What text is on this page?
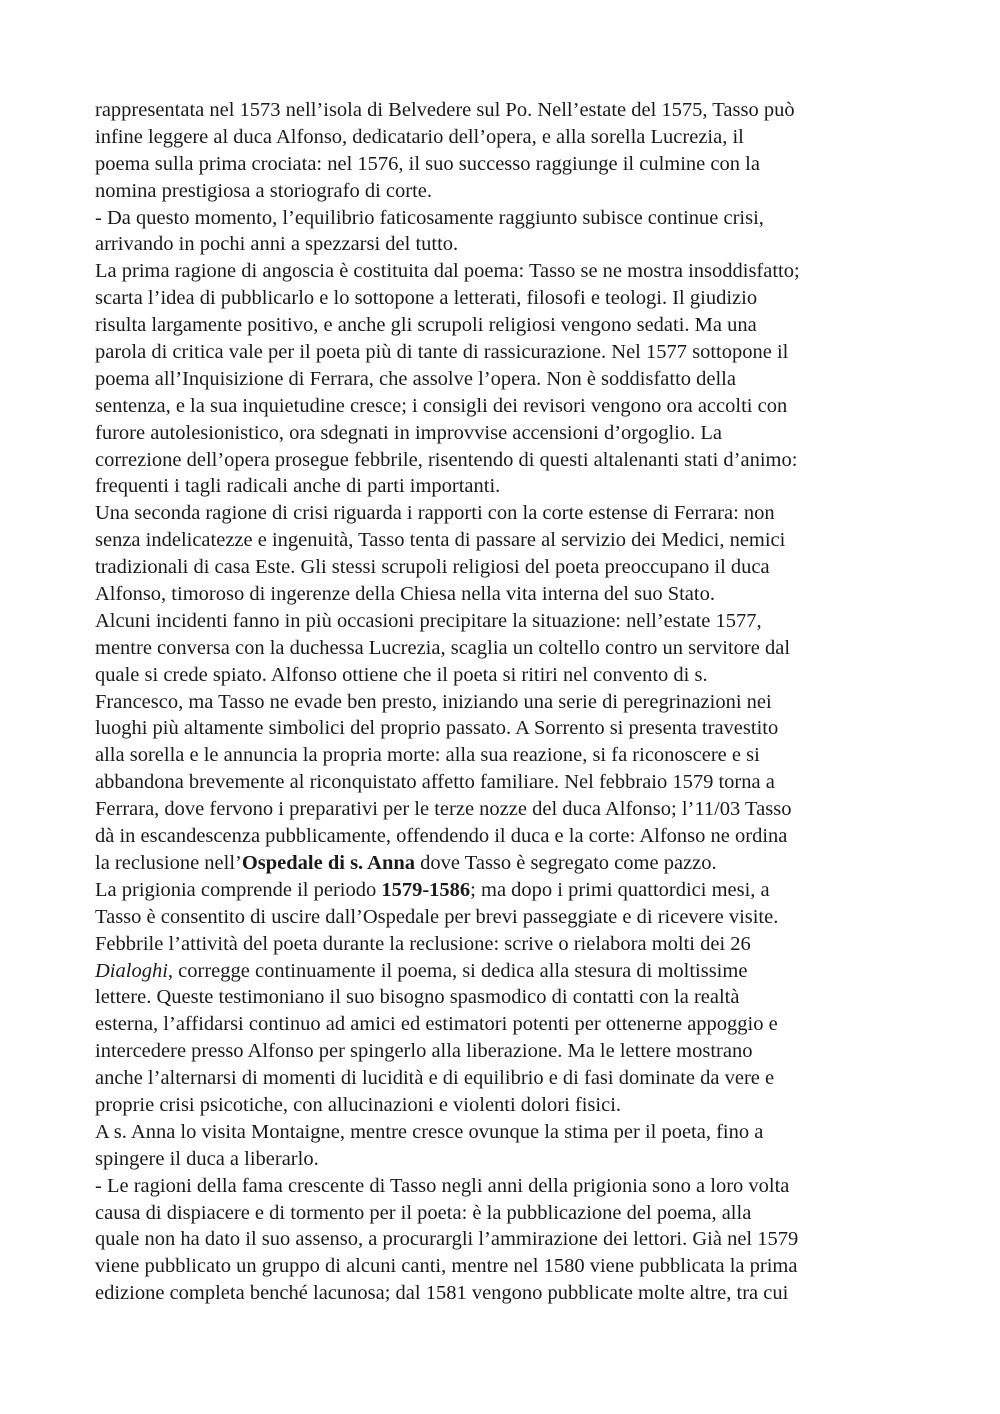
rappresentata nel 1573 nell’isola di Belvedere sul Po. Nell’estate del 1575, Tasso può
infine leggere al duca Alfonso, dedicatario dell’opera, e alla sorella Lucrezia, il
poema sulla prima crociata: nel 1576, il suo successo raggiunge il culmine con la
nomina prestigiosa a storiografo di corte.
- Da questo momento, l’equilibrio faticosamente raggiunto subisce continue crisi,
arrivando in pochi anni a spezzarsi del tutto.
La prima ragione di angoscia è costituita dal poema: Tasso se ne mostra insoddisfatto;
scarta l’idea di pubblicarlo e lo sottopone a letterati, filosofi e teologi. Il giudizio
risulta largamente positivo, e anche gli scrupoli religiosi vengono sedati. Ma una
parola di critica vale per il poeta più di tante di rassicurazione. Nel 1577 sottopone il
poema all’Inquisizione di Ferrara, che assolve l’opera. Non è soddisfatto della
sentenza, e la sua inquietudine cresce; i consigli dei revisori vengono ora accolti con
furore autolesionistico, ora sdegnati in improvvise accensioni d’orgoglio. La
correzione dell’opera prosegue febbrile, risentendo di questi altalenanti stati d’animo:
frequenti i tagli radicali anche di parti importanti.
Una seconda ragione di crisi riguarda i rapporti con la corte estense di Ferrara: non
senza indelicatezze e ingenuità, Tasso tenta di passare al servizio dei Medici, nemici
tradizionali di casa Este. Gli stessi scrupoli religiosi del poeta preoccupano il duca
Alfonso, timoroso di ingerenze della Chiesa nella vita interna del suo Stato.
Alcuni incidenti fanno in più occasioni precipitare la situazione: nell’estate 1577,
mentre conversa con la duchessa Lucrezia, scaglia un coltello contro un servitore dal
quale si crede spiato. Alfonso ottiene che il poeta si ritiri nel convento di s.
Francesco, ma Tasso ne evade ben presto, iniziando una serie di peregrinazioni nei
luoghi più altamente simbolici del proprio passato. A Sorrento si presenta travestito
alla sorella e le annuncia la propria morte: alla sua reazione, si fa riconoscere e si
abbandona brevemente al riconquistato affetto familiare. Nel febbraio 1579 torna a
Ferrara, dove fervono i preparativi per le terze nozze del duca Alfonso; l’11/03 Tasso
dà in escandescenza pubblicamente, offendendo il duca e la corte: Alfonso ne ordina
la reclusione nell’Ospedale di s. Anna dove Tasso è segregato come pazzo.
La prigionia comprende il periodo 1579-1586; ma dopo i primi quattordici mesi, a
Tasso è consentito di uscire dall’Ospedale per brevi passeggiate e di ricevere visite.
Febbrile l’attività del poeta durante la reclusione: scrive o rielabora molti dei 26
Dialoghi, corregge continuamente il poema, si dedica alla stesura di moltissime
lettere. Queste testimoniano il suo bisogno spasmodico di contatti con la realtà
esterna, l’affidarsi continuo ad amici ed estimatori potenti per ottenerne appoggio e
intercedere presso Alfonso per spingerlo alla liberazione. Ma le lettere mostrano
anche l’alternarsi di momenti di lucidità e di equilibrio e di fasi dominate da vere e
proprie crisi psicotiche, con allucinazioni e violenti dolori fisici.
A s. Anna lo visita Montaigne, mentre cresce ovunque la stima per il poeta, fino a
spingere il duca a liberarlo.
- Le ragioni della fama crescente di Tasso negli anni della prigionia sono a loro volta
causa di dispiacere e di tormento per il poeta: è la pubblicazione del poema, alla
quale non ha dato il suo assenso, a procurargli l’ammirazione dei lettori. Già nel 1579
viene pubblicato un gruppo di alcuni canti, mentre nel 1580 viene pubblicata la prima
edizione completa benché lacunosa; dal 1581 vengono pubblicate molte altre, tra cui
